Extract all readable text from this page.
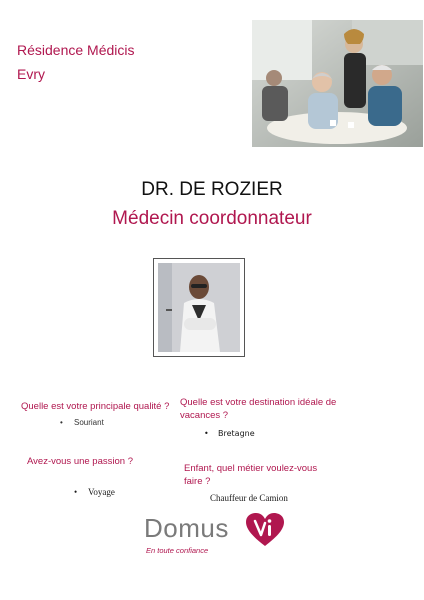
Résidence Médicis
Evry
DR. DE ROZIER
Médecin coordonnateur
Quelle est votre principale qualité ?
• Souriant
Quelle est votre destination idéale de vacances ?
• Bretagne
Avez-vous une passion ?
• Voyage
Enfant, quel métier voulez-vous faire ?
Chauffeur de Camion
Domus
En toute confiance
